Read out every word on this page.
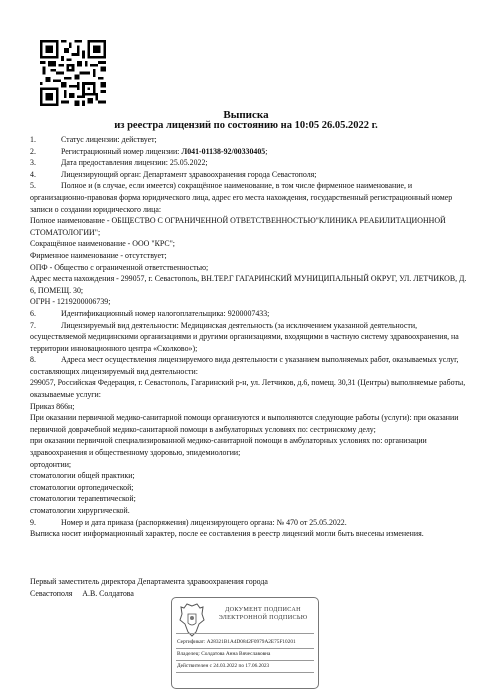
Выписка
из реестра лицензий по состоянию на 10:05 26.05.2022 г.

1.	Статус лицензии: действует;

2.	Регистрационный номер лицензии: Л041-01138-92/00330405;

3.	Дата предоставления лицензии: 25.05.2022;

4.	Лицензирующий орган: Департамент здравоохранения города Севастополя;

5.	Полное и (в случае, если имеется) сокращённое наименование, в том числе фирменное наименование, и организационно-правовая форма юридического лица, адрес его места нахождения, государственный регистрационный номер записи о создании юридического лица:

Полное наименование - ОБЩЕСТВО С ОГРАНИЧЕННОЙ ОТВЕТСТВЕННОСТЬЮ"КЛИНИКА РЕАБИЛИТАЦИОННОЙ СТОМАТОЛОГИИ";

Сокращённое наименование - ООО "КРС";

Фирменное наименование - отсутствует;

ОПФ - Общество с ограниченной ответственностью;

Адрес места нахождения - 299057, г. Севастополь, ВН.ТЕР.Г ГАГАРИНСКИЙ МУНИЦИПАЛЬНЫЙ ОКРУГ, УЛ. ЛЕТЧИКОВ, Д. 6, ПОМЕЩ. 30;

ОГРН - 1219200006739;

6.	Идентификационный номер налогоплательщика: 9200007433;

7.	Лицензируемый вид деятельности: Медицинская деятельность (за исключением указанной деятельности, осуществляемой медицинскими организациями и другими организациями, входящими в частную систему здравоохранения, на территории инновационного центра «Сколково»);

8.	Адреса мест осуществления лицензируемого вида деятельности с указанием выполняемых работ, оказываемых услуг, составляющих лицензируемый вид деятельности:

299057, Российская Федерация, г. Севастополь, Гагаринский р-н, ул. Летчиков, д.6, помещ. 30,31 (Центры) выполняемые работы, оказываемые услуги:

Приказ 866н;

При оказании первичной медико-санитарной помощи организуются и выполняются следующие работы (услуги): при оказании первичной доврачебной медико-санитарной помощи в амбулаторных условиях по: сестринскому делу;

при оказании первичной специализированной медико-санитарной помощи в амбулаторных условиях по: организации здравоохранения и общественному здоровью, эпидемиологии;

ортодонтии;

стоматологии общей практики;

стоматологии ортопедической;

стоматологии терапевтической;

стоматологии хирургической.

9.	Номер и дата приказа (распоряжения) лицензирующего органа: № 470 от 25.05.2022.

Выписка носит информационный характер, после ее составления в реестр лицензий могли быть внесены изменения.

Первый заместитель директора Департамента здравоохранения города
Севастополя     А.В. Солдатова
ДОКУМЕНТ ПОДПИСАН
ЭЛЕКТРОННОЙ ПОДПИСЬЮ
Сертификат: A28321B1A4D0842F0979A2E75F10201
Владелец: Солдатова Анна Вячеславовна
Действителен с 24.03.2022 по 17.06.2023
